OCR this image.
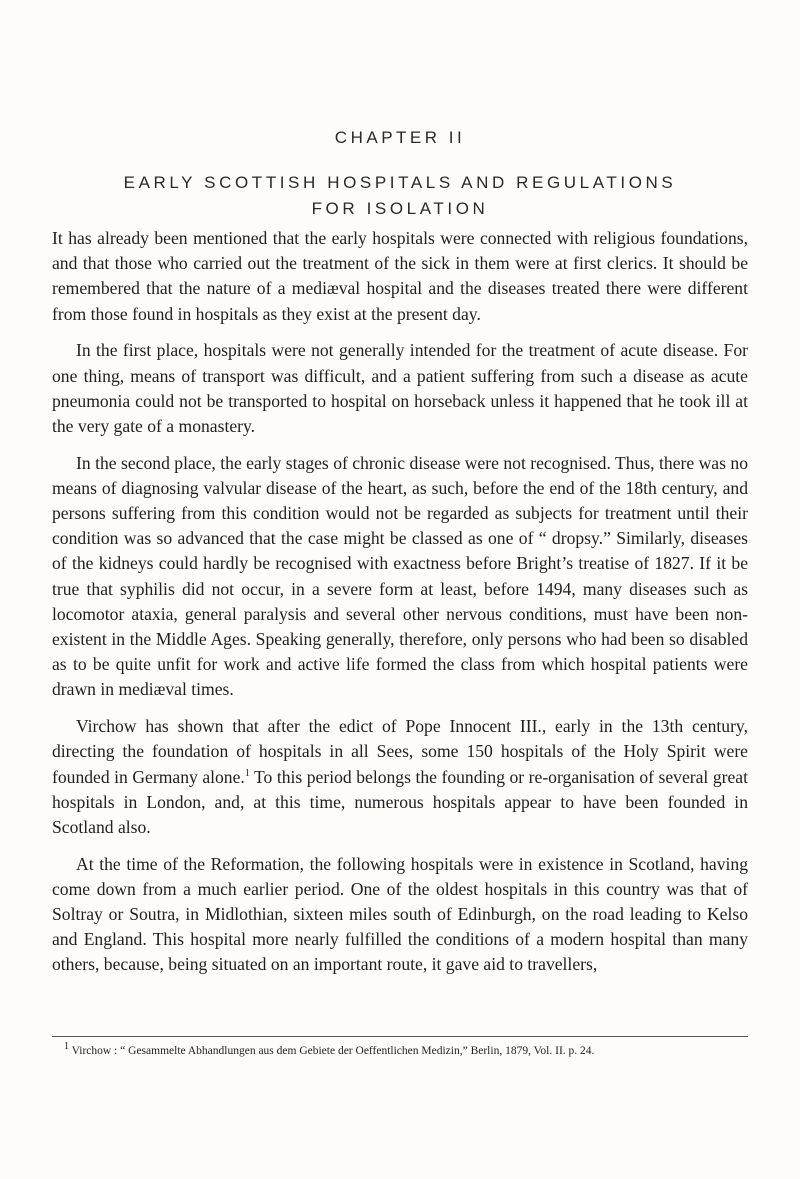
CHAPTER II
EARLY SCOTTISH HOSPITALS AND REGULATIONS
FOR ISOLATION

It has already been mentioned that the early hospitals were connected with religious foundations, and that those who carried out the treatment of the sick in them were at first clerics. It should be remembered that the nature of a mediæval hospital and the diseases treated there were different from those found in hospitals as they exist at the present day.

In the first place, hospitals were not generally intended for the treatment of acute disease. For one thing, means of transport was difficult, and a patient suffering from such a disease as acute pneumonia could not be transported to hospital on horseback unless it happened that he took ill at the very gate of a monastery.

In the second place, the early stages of chronic disease were not recognised. Thus, there was no means of diagnosing valvular disease of the heart, as such, before the end of the 18th century, and persons suffering from this condition would not be regarded as subjects for treatment until their condition was so advanced that the case might be classed as one of “ dropsy.” Similarly, diseases of the kidneys could hardly be recognised with exactness before Bright’s treatise of 1827. If it be true that syphilis did not occur, in a severe form at least, before 1494, many diseases such as locomotor ataxia, general paralysis and several other nervous conditions, must have been non-existent in the Middle Ages. Speaking generally, therefore, only persons who had been so disabled as to be quite unfit for work and active life formed the class from which hospital patients were drawn in mediæval times.

Virchow has shown that after the edict of Pope Innocent III., early in the 13th century, directing the foundation of hospitals in all Sees, some 150 hospitals of the Holy Spirit were founded in Germany alone.$^1$ To this period belongs the founding or re-organisation of several great hospitals in London, and, at this time, numerous hospitals appear to have been founded in Scotland also.

At the time of the Reformation, the following hospitals were in existence in Scotland, having come down from a much earlier period. One of the oldest hospitals in this country was that of Soltray or Soutra, in Midlothian, sixteen miles south of Edinburgh, on the road leading to Kelso and England. This hospital more nearly fulfilled the conditions of a modern hospital than many others, because, being situated on an important route, it gave aid to travellers,

$^1$ Virchow : “ Gesammelte Abhandlungen aus dem Gebiete der Oeffentlichen Medizin,” Berlin, 1879, Vol. II. p. 24.
